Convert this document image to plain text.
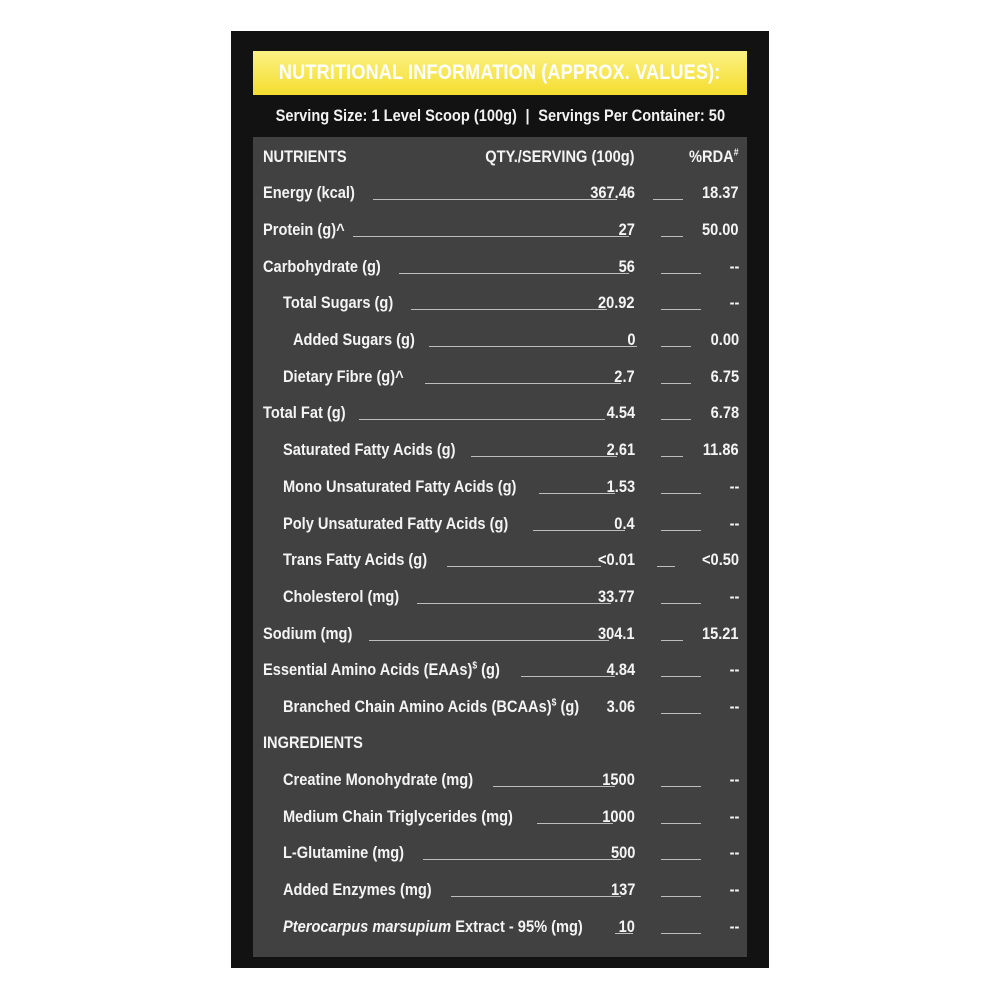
NUTRITIONAL INFORMATION (APPROX. VALUES):
Serving Size: 1 Level Scoop (100g) | Servings Per Container: 50
NUTRIENTS	QTY./SERVING (100g)	%RDA#
Energy (kcal)	367.46	18.37
Protein (g)^	27	50.00
Carbohydrate (g)	56	--
Total Sugars (g)	20.92	--
Added Sugars (g)	0	0.00
Dietary Fibre (g)^	2.7	6.75
Total Fat (g)	4.54	6.78
Saturated Fatty Acids (g)	2.61	11.86
Mono Unsaturated Fatty Acids (g)	1.53	--
Poly Unsaturated Fatty Acids (g)	0.4	--
Trans Fatty Acids (g)	<0.01	<0.50
Cholesterol (mg)	33.77	--
Sodium (mg)	304.1	15.21
Essential Amino Acids (EAAs)$ (g)	4.84	--
Branched Chain Amino Acids (BCAAs)$ (g) 3.06	--
INGREDIENTS
Creatine Monohydrate (mg)	1500	--
Medium Chain Triglycerides (mg)	1000	--
L-Glutamine (mg)	500	--
Added Enzymes (mg)	137	--
Pterocarpus marsupium Extract - 95% (mg) 10	--
